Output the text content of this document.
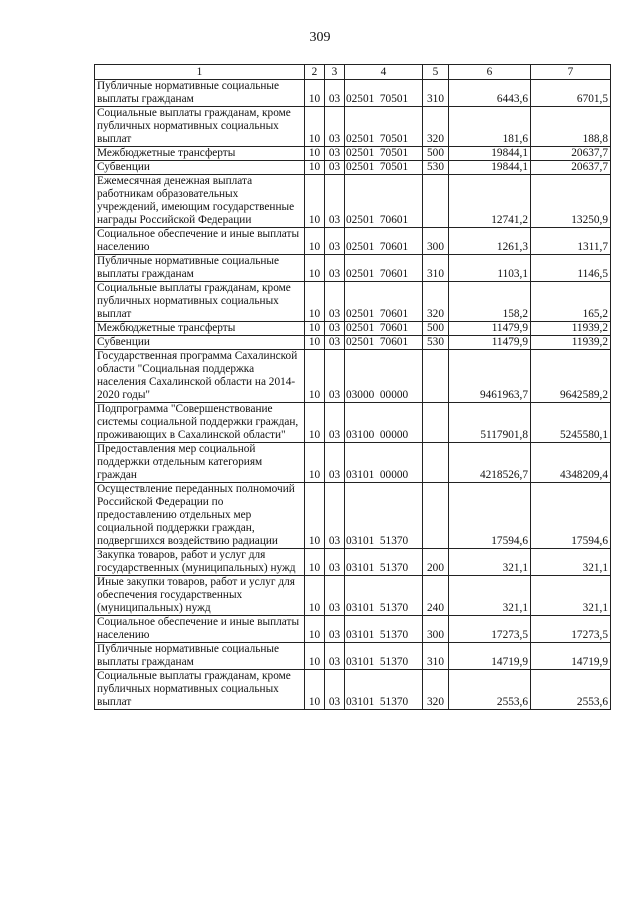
309
1	2	3	4	5	6	7
Публичные нормативные социальные выплаты гражданам	10	03	02501  70501	310	6443,6	6701,5
Социальные выплаты гражданам, кроме публичных нормативных социальных выплат	10	03	02501  70501	320	181,6	188,8
Межбюджетные трансферты	10	03	02501  70501	500	19844,1	20637,7
Субвенции	10	03	02501  70501	530	19844,1	20637,7
Ежемесячная денежная выплата работникам образовательных учреждений, имеющим государственные награды Российской Федерации	10	03	02501  70601		12741,2	13250,9
Социальное обеспечение и иные выплаты населению	10	03	02501  70601	300	1261,3	1311,7
Публичные нормативные социальные выплаты гражданам	10	03	02501  70601	310	1103,1	1146,5
Социальные выплаты гражданам, кроме публичных нормативных социальных выплат	10	03	02501  70601	320	158,2	165,2
Межбюджетные трансферты	10	03	02501  70601	500	11479,9	11939,2
Субвенции	10	03	02501  70601	530	11479,9	11939,2
Государственная программа Сахалинской области "Социальная поддержка населения Сахалинской области на 2014-2020 годы"	10	03	03000  00000		9461963,7	9642589,2
Подпрограмма "Совершенствование системы социальной поддержки граждан, проживающих в Сахалинской области"	10	03	03100  00000		5117901,8	5245580,1
Предоставления мер социальной поддержки отдельным категориям граждан	10	03	03101  00000		4218526,7	4348209,4
Осуществление переданных полномочий Российской Федерации по предоставлению отдельных мер социальной поддержки граждан, подвергшихся воздействию радиации	10	03	03101  51370		17594,6	17594,6
Закупка товаров, работ и услуг для государственных (муниципальных) нужд	10	03	03101  51370	200	321,1	321,1
Иные закупки товаров, работ и услуг для обеспечения государственных (муниципальных) нужд	10	03	03101  51370	240	321,1	321,1
Социальное обеспечение и иные выплаты населению	10	03	03101  51370	300	17273,5	17273,5
Публичные нормативные социальные выплаты гражданам	10	03	03101  51370	310	14719,9	14719,9
Социальные выплаты гражданам, кроме публичных нормативных социальных выплат	10	03	03101  51370	320	2553,6	2553,6
